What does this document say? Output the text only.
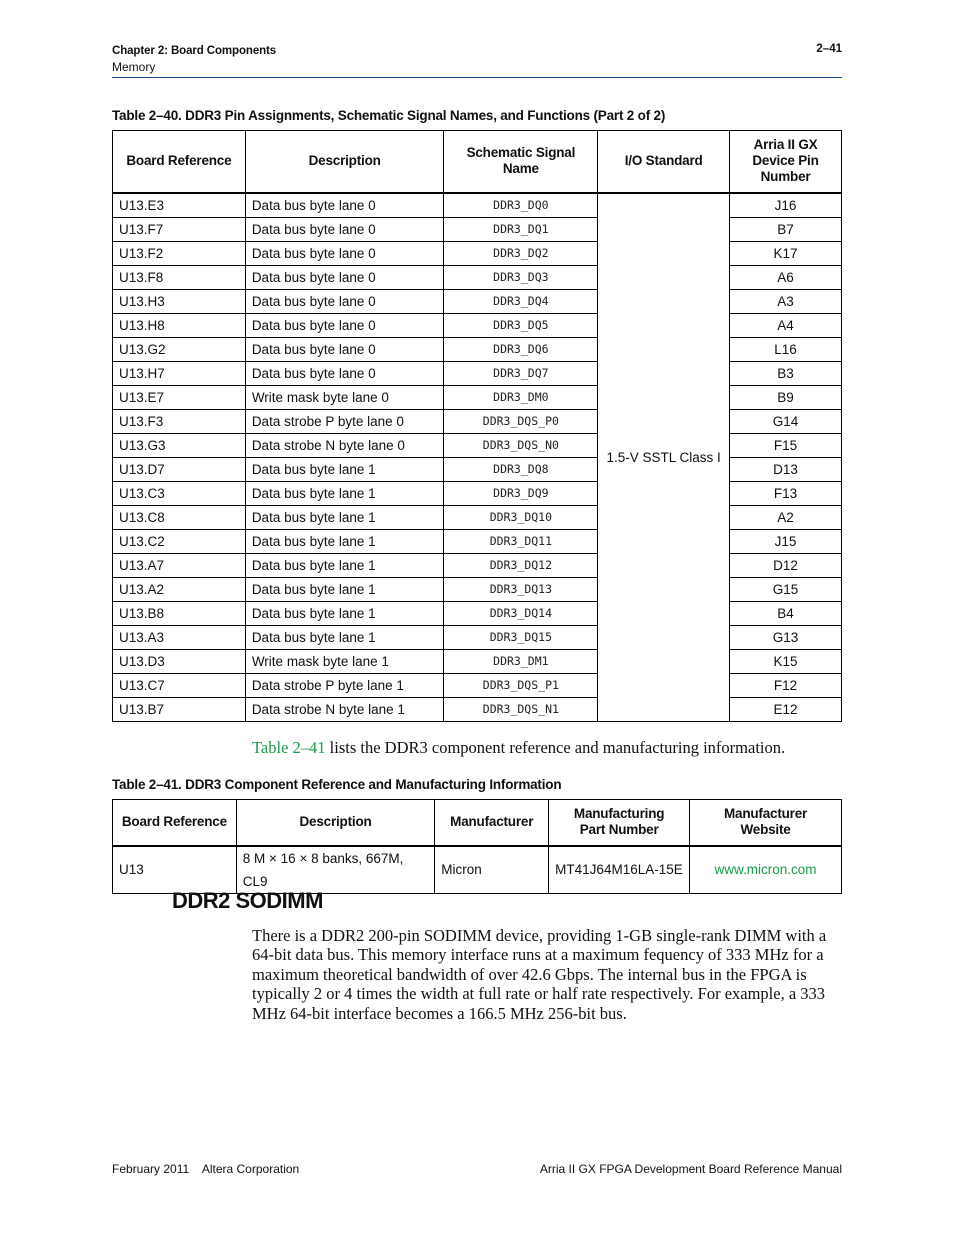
Chapter 2: Board Components
Memory
2–41
Table 2–40. DDR3 Pin Assignments, Schematic Signal Names, and Functions (Part 2 of 2)
Board Reference	Description	Schematic Signal Name	I/O Standard	Arria II GX Device Pin Number
U13.E3	Data bus byte lane 0	DDR3_DQ0	1.5-V SSTL Class I	J16
U13.F7	Data bus byte lane 0	DDR3_DQ1		B7
U13.F2	Data bus byte lane 0	DDR3_DQ2		K17
U13.F8	Data bus byte lane 0	DDR3_DQ3		A6
U13.H3	Data bus byte lane 0	DDR3_DQ4		A3
U13.H8	Data bus byte lane 0	DDR3_DQ5		A4
U13.G2	Data bus byte lane 0	DDR3_DQ6		L16
U13.H7	Data bus byte lane 0	DDR3_DQ7		B3
U13.E7	Write mask byte lane 0	DDR3_DM0		B9
U13.F3	Data strobe P byte lane 0	DDR3_DQS_P0		G14
U13.G3	Data strobe N byte lane 0	DDR3_DQS_N0		F15
U13.D7	Data bus byte lane 1	DDR3_DQ8		D13
U13.C3	Data bus byte lane 1	DDR3_DQ9		F13
U13.C8	Data bus byte lane 1	DDR3_DQ10		A2
U13.C2	Data bus byte lane 1	DDR3_DQ11		J15
U13.A7	Data bus byte lane 1	DDR3_DQ12		D12
U13.A2	Data bus byte lane 1	DDR3_DQ13		G15
U13.B8	Data bus byte lane 1	DDR3_DQ14		B4
U13.A3	Data bus byte lane 1	DDR3_DQ15		G13
U13.D3	Write mask byte lane 1	DDR3_DM1		K15
U13.C7	Data strobe P byte lane 1	DDR3_DQS_P1		F12
U13.B7	Data strobe N byte lane 1	DDR3_DQS_N1		E12
Table 2–41 lists the DDR3 component reference and manufacturing information.
Table 2–41. DDR3 Component Reference and Manufacturing Information
Board Reference	Description	Manufacturer	Manufacturing Part Number	Manufacturer Website
U13	8 M × 16 × 8 banks, 667M, CL9	Micron	MT41J64M16LA-15E	www.micron.com
DDR2 SODIMM
There is a DDR2 200-pin SODIMM device, providing 1-GB single-rank DIMM with a 64-bit data bus. This memory interface runs at a maximum fequency of 333 MHz for a maximum theoretical bandwidth of over 42.6 Gbps. The internal bus in the FPGA is typically 2 or 4 times the width at full rate or half rate respectively. For example, a 333 MHz 64-bit interface becomes a 166.5 MHz 256-bit bus.
February 2011    Altera Corporation	Arria II GX FPGA Development Board Reference Manual
